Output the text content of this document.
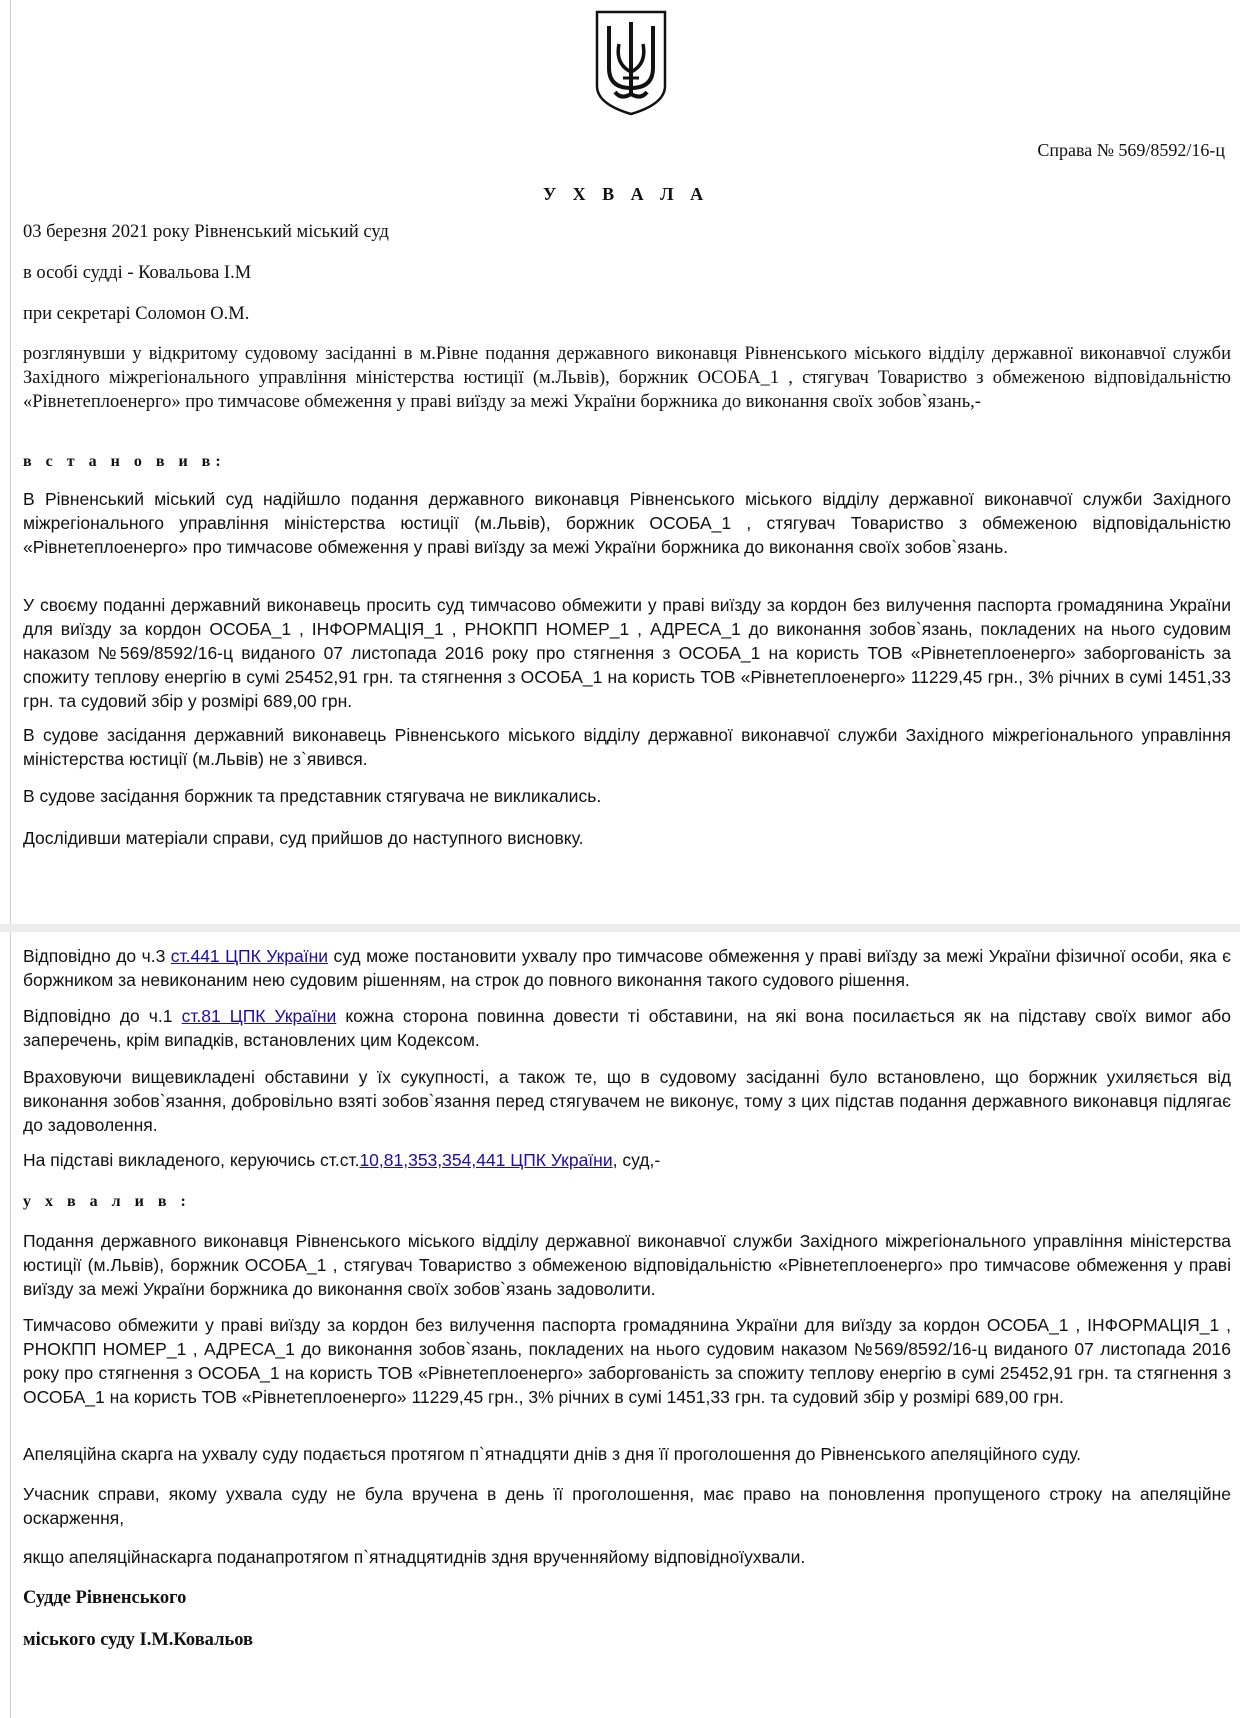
Справа № 569/8592/16-ц
У Х В А Л А

03 березня 2021 року Рівненський міський суд

в особі судді - Ковальова І.М

при секретарі Соломон О.М.

розглянувши у відкритому судовому засіданні в м.Рівне подання державного виконавця Рівненського міського відділу державної виконавчої служби Західного міжрегіонального управління міністерства юстиції (м.Львів), боржник ОСОБА_1 , стягувач Товариство з обмеженою відповідальністю «Рівнетеплоенерго» про тимчасове обмеження у праві виїзду за межі України боржника до виконання своїх зобов`язань,-

в с т а н о в и в:

В Рівненський міський суд надійшло подання державного виконавця Рівненського міського відділу державної виконавчої служби Західного міжрегіонального управління міністерства юстиції (м.Львів), боржник ОСОБА_1 , стягувач Товариство з обмеженою відповідальністю «Рівнетеплоенерго» про тимчасове обмеження у праві виїзду за межі України боржника до виконання своїх зобов`язань.

У своєму поданні державний виконавець просить суд тимчасово обмежити у праві виїзду за кордон без вилучення паспорта громадянина України для виїзду за кордон ОСОБА_1 , ІНФОРМАЦІЯ_1 , РНОКПП НОМЕР_1 , АДРЕСА_1 до виконання зобов`язань, покладених на нього судовим наказом №569/8592/16-ц виданого 07 листопада 2016 року про стягнення з ОСОБА_1 на користь ТОВ «Рівнетеплоенерго» заборгованість за спожиту теплову енергію в сумі 25452,91 грн. та стягнення з ОСОБА_1 на користь ТОВ «Рівнетеплоенерго» 11229,45 грн., 3% річних в сумі 1451,33 грн. та судовий збір у розмірі 689,00 грн.

В судове засідання державний виконавець Рівненського міського відділу державної виконавчої служби Західного міжрегіонального управління міністерства юстиції (м.Львів) не з`явився.

В судове засідання боржник та представник стягувача не викликались.

Дослідивши матеріали справи, суд прийшов до наступного висновку.

Відповідно до ч.3 ст.441 ЦПК України суд може постановити ухвалу про тимчасове обмеження у праві виїзду за межі України фізичної особи, яка є боржником за невиконаним нею судовим рішенням, на строк до повного виконання такого судового рішення.

Відповідно до ч.1 ст.81 ЦПК України кожна сторона повинна довести ті обставини, на які вона посилається як на підставу своїх вимог або заперечень, крім випадків, встановлених цим Кодексом.

Враховуючи вищевикладені обставини у їх сукупності, а також те, що в судовому засіданні було встановлено, що боржник ухиляється від виконання зобов`язання, добровільно взяті зобов`язання перед стягувачем не виконує, тому з цих підстав подання державного виконавця підлягає до задоволення.

На підставі викладеного, керуючись ст.ст.10,81,353,354,441 ЦПК України, суд,-

у х в а л и в :

Подання державного виконавця Рівненського міського відділу державної виконавчої служби Західного міжрегіонального управління міністерства юстиції (м.Львів), боржник ОСОБА_1 , стягувач Товариство з обмеженою відповідальністю «Рівнетеплоенерго» про тимчасове обмеження у праві виїзду за межі України боржника до виконання своїх зобов`язань задоволити.

Тимчасово обмежити у праві виїзду за кордон без вилучення паспорта громадянина України для виїзду за кордон ОСОБА_1 , ІНФОРМАЦІЯ_1 , РНОКПП НОМЕР_1 , АДРЕСА_1 до виконання зобов`язань, покладених на нього судовим наказом №569/8592/16-ц виданого 07 листопада 2016 року про стягнення з ОСОБА_1 на користь ТОВ «Рівнетеплоенерго» заборгованість за спожиту теплову енергію в сумі 25452,91 грн. та стягнення з ОСОБА_1 на користь ТОВ «Рівнетеплоенерго» 11229,45 грн., 3% річних в сумі 1451,33 грн. та судовий збір у розмірі 689,00 грн.

Апеляційна скарга на ухвалу суду подається протягом п`ятнадцяти днів з дня її проголошення до Рівненського апеляційного суду.

Учасник справи, якому ухвала суду не була вручена в день її проголошення, має право на поновлення пропущеного строку на апеляційне оскарження,

якщо апеляційнаскарга поданапротягом п`ятнадцятиднів здня врученняйому відповідноїухвали.

Судде Рівненського

міського суду І.М.Ковальов
